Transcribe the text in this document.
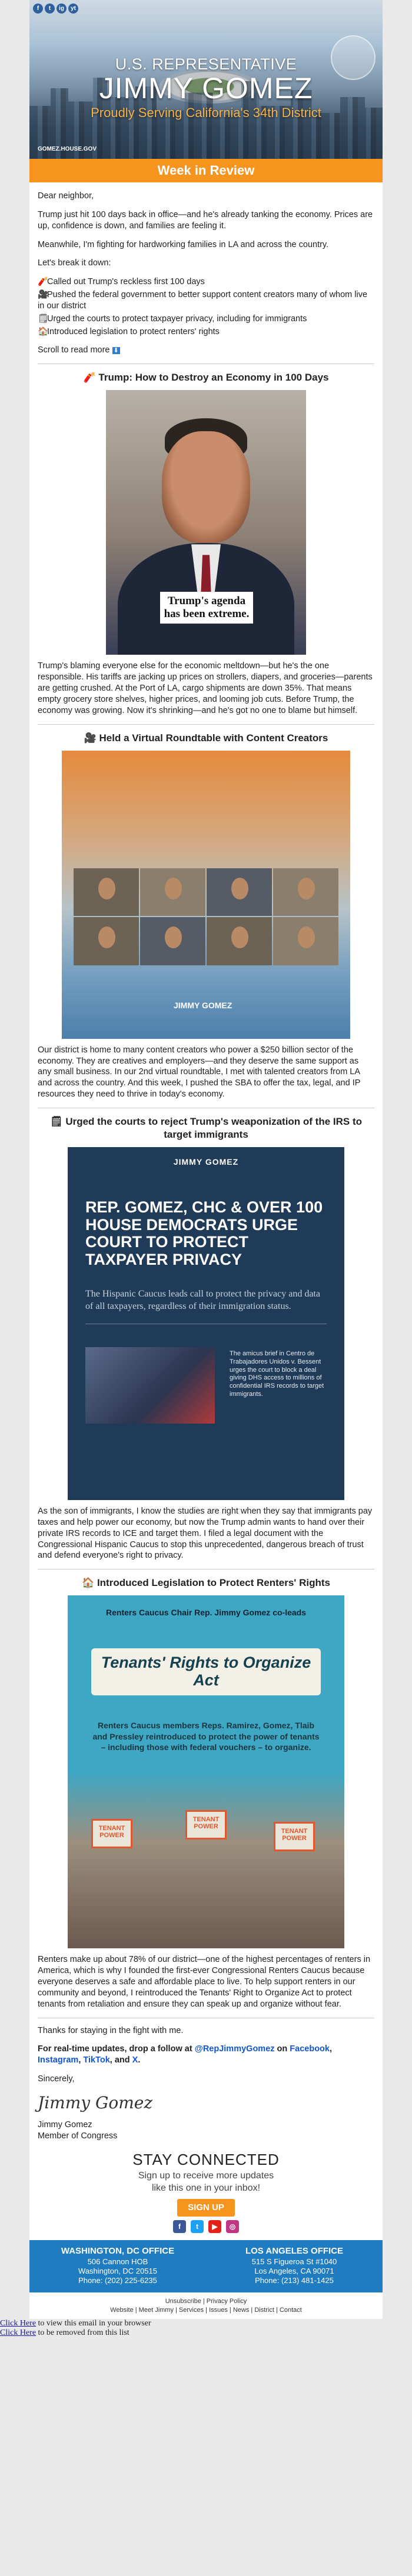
f	t	ig	yt
U.S. REPRESENTATIVE
JIMMY GOMEZ
Proudly Serving California's 34th District
GOMEZ.HOUSE.GOV
Week in Review

Dear neighbor,

Trump just hit 100 days back in office—and he's already tanking the economy. Prices are up, confidence is down, and families are feeling it.

Meanwhile, I'm fighting for hardworking families in LA and across the country.

Let's break it down:

🧨Called out Trump's reckless first 100 days

🎥Pushed the federal government to better support content creators many of whom live in our district

🗒Urged the courts to protect taxpayer privacy, including for immigrants

🏠Introduced legislation to protect renters' rights

Scroll to read more ⬇

🧨 Trump: How to Destroy an Economy in 100 Days
Trump's agenda has been extreme.

Trump's blaming everyone else for the economic meltdown—but he's the one responsible. His tariffs are jacking up prices on strollers, diapers, and groceries—parents are getting crushed. At the Port of LA, cargo shipments are down 35%. That means empty grocery store shelves, higher prices, and looming job cuts. Before Trump, the economy was growing. Now it's shrinking—and he's got no one to blame but himself.

🎥 Held a Virtual Roundtable with Content Creators
JIMMY GOMEZ

Our district is home to many content creators who power a $250 billion sector of the economy. They are creatives and employers—and they deserve the same support as any small business. In our 2nd virtual roundtable, I met with talented creators from LA and across the country. And this week, I pushed the SBA to offer the tax, legal, and IP resources they need to thrive in today's economy.

🗒 Urged the courts to reject Trump's weaponization of the IRS to target immigrants
JIMMY GOMEZ
REP. GOMEZ, CHC & OVER 100 HOUSE DEMOCRATS URGE COURT TO PROTECT TAXPAYER PRIVACY
The Hispanic Caucus leads call to protect the privacy and data of all taxpayers, regardless of their immigration status.
The amicus brief in Centro de Trabajadores Unidos v. Bessent urges the court to block a deal giving DHS access to millions of confidential IRS records to target immigrants.

As the son of immigrants, I know the studies are right when they say that immigrants pay taxes and help power our economy, but now the Trump admin wants to hand over their private IRS records to ICE and target them. I filed a legal document with the Congressional Hispanic Caucus to stop this unprecedented, dangerous breach of trust and defend everyone's right to privacy.

🏠 Introduced Legislation to Protect Renters' Rights
Renters Caucus Chair Rep. Jimmy Gomez co-leads
Tenants' Rights to Organize Act
Renters Caucus members Reps. Ramirez, Gomez, Tlaib and Pressley reintroduced to protect the power of tenants – including those with federal vouchers – to organize.
TENANT POWER
TENANT POWER
TENANT POWER

Renters make up about 78% of our district—one of the highest percentages of renters in America, which is why I founded the first-ever Congressional Renters Caucus because everyone deserves a safe and affordable place to live. To help support renters in our community and beyond, I reintroduced the Tenants' Right to Organize Act to protect tenants from retaliation and ensure they can speak up and organize without fear.

Thanks for staying in the fight with me.

For real-time updates, drop a follow at @RepJimmyGomez on Facebook, Instagram, TikTok, and X.

Sincerely,

Jimmy Gomez

Jimmy Gomez
Member of Congress

STAY CONNECTED
Sign up to receive more updates
like this one in your inbox!
SIGN UP
f	t	▶	◎
WASHINGTON, DC OFFICE
506 Cannon HOB
Washington, DC 20515
Phone: (202) 225-6235
LOS ANGELES OFFICE
515 S Figueroa St #1040
Los Angeles, CA 90071
Phone: (213) 481-1425
Unsubscribe | Privacy Policy
Website | Meet Jimmy | Services | Issues | News | District | Contact
Click Here to view this email in your browser
Click Here to be removed from this list
